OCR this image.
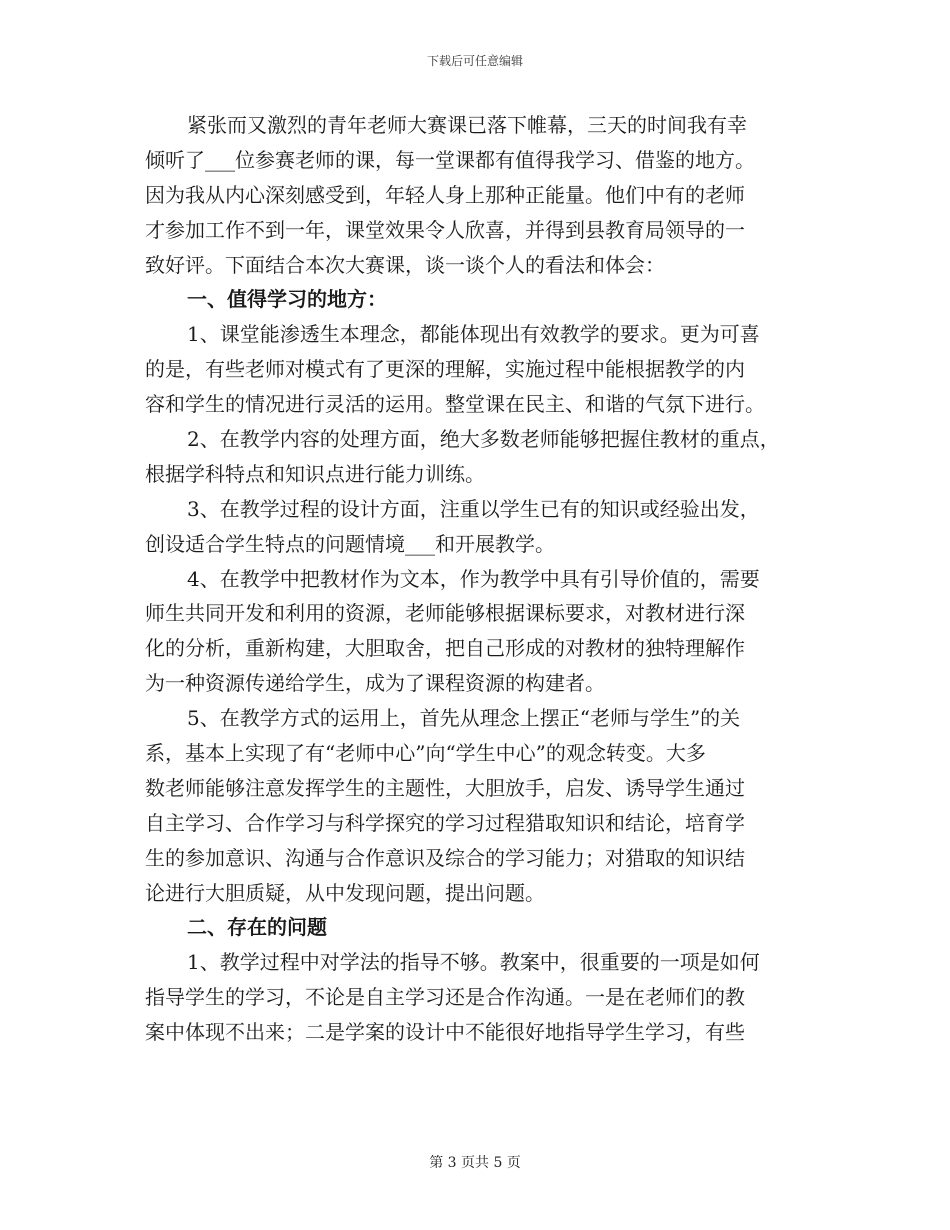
下载后可任意编辑
紧张而又激烈的青年老师大赛课已落下帷幕，三天的时间我有幸
倾听了___位参赛老师的课，每一堂课都有值得我学习、借鉴的地方。
因为我从内心深刻感受到，年轻人身上那种正能量。他们中有的老师
才参加工作不到一年，课堂效果令人欣喜，并得到县教育局领导的一
致好评。下面结合本次大赛课，谈一谈个人的看法和体会：
一、值得学习的地方：
1、课堂能渗透生本理念，都能体现出有效教学的要求。更为可喜
的是，有些老师对模式有了更深的理解，实施过程中能根据教学的内
容和学生的情况进行灵活的运用。整堂课在民主、和谐的气氛下进行。
2、在教学内容的处理方面，绝大多数老师能够把握住教材的重点，
根据学科特点和知识点进行能力训练。
3、在教学过程的设计方面，注重以学生已有的知识或经验出发，
创设适合学生特点的问题情境___和开展教学。
4、在教学中把教材作为文本，作为教学中具有引导价值的，需要
师生共同开发和利用的资源，老师能够根据课标要求，对教材进行深
化的分析，重新构建，大胆取舍，把自己形成的对教材的独特理解作
为一种资源传递给学生，成为了课程资源的构建者。
5、在教学方式的运用上，首先从理念上摆正“老师与学生”的关
系，基本上实现了有“老师中心”向“学生中心”的观念转变。大多
数老师能够注意发挥学生的主题性，大胆放手，启发、诱导学生通过
自主学习、合作学习与科学探究的学习过程猎取知识和结论，培育学
生的参加意识、沟通与合作意识及综合的学习能力；对猎取的知识结
论进行大胆质疑，从中发现问题，提出问题。
二、存在的问题
1、教学过程中对学法的指导不够。教案中，很重要的一项是如何
指导学生的学习，不论是自主学习还是合作沟通。一是在老师们的教
案中体现不出来；二是学案的设计中不能很好地指导学生学习，有些
第 3 页共 5 页
